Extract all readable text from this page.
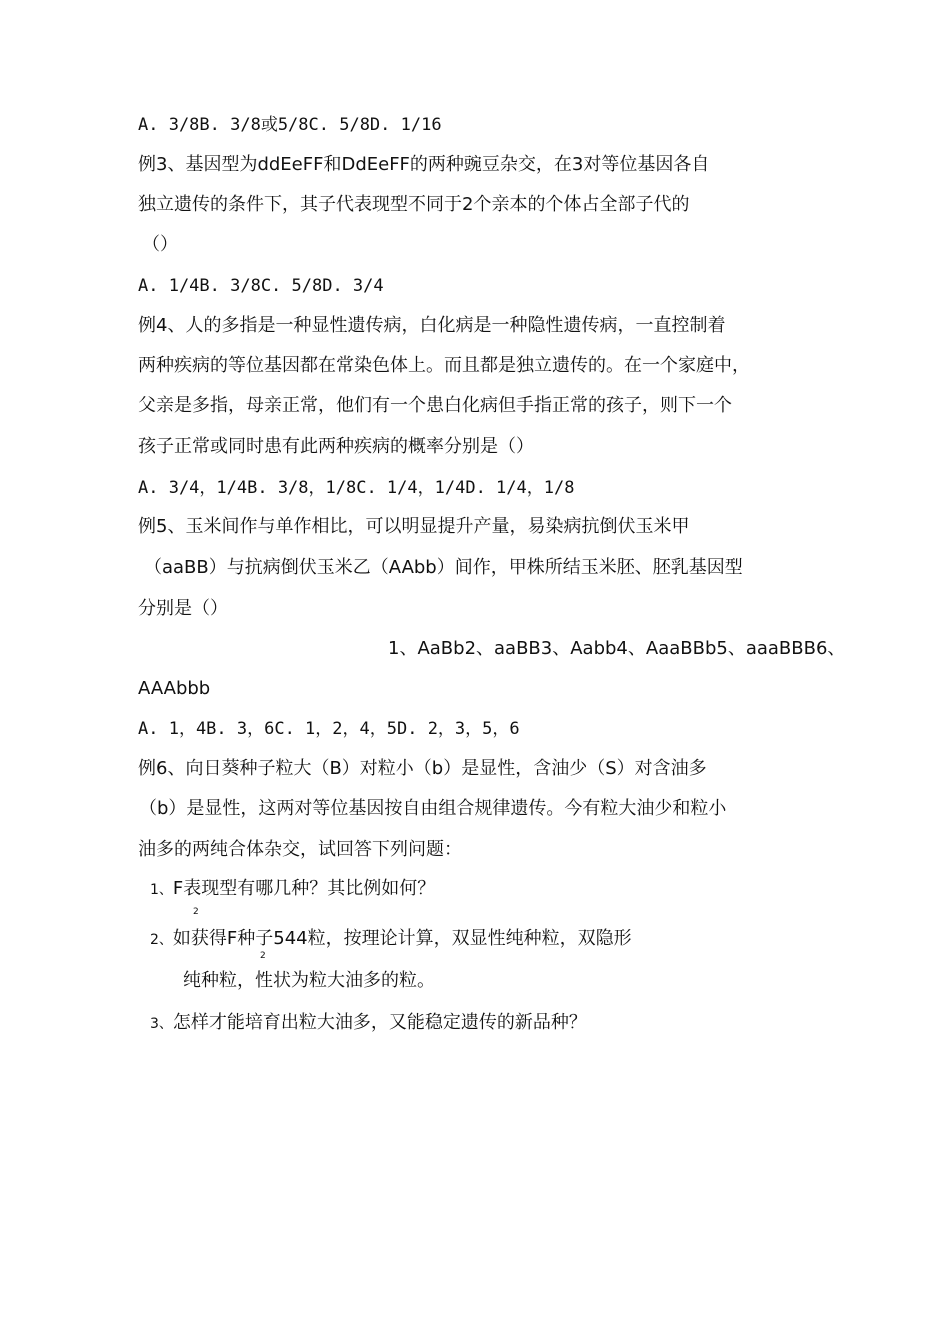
A. 3/8B. 3/8或5/8C. 5/8D. 1/16
例3、基因型为ddEeFF和DdEeFF的两种豌豆杂交，在3对等位基因各自
独立遗传的条件下，其子代表现型不同于2个亲本的个体占全部子代的
（）
A. 1/4B. 3/8C. 5/8D. 3/4
例4、人的多指是一种显性遗传病，白化病是一种隐性遗传病，一直控制着
两种疾病的等位基因都在常染色体上。而且都是独立遗传的。在一个家庭中，
父亲是多指，母亲正常，他们有一个患白化病但手指正常的孩子，则下一个
孩子正常或同时患有此两种疾病的概率分别是（）
A. 3/4，1/4B. 3/8，1/8C. 1/4，1/4D. 1/4，1/8
例5、玉米间作与单作相比，可以明显提升产量，易染病抗倒伏玉米甲
（aaBB）与抗病倒伏玉米乙（AAbb）间作，甲株所结玉米胚、胚乳基因型
分别是（）
1、AaBb2、aaBB3、Aabb4、AaaBBb5、aaaBBB6、
AAAbbb
A. 1，4B. 3，6C. 1，2，4，5D. 2，3，5，6
例6、向日葵种子粒大（B）对粒小（b）是显性，含油少（S）对含油多
（b）是显性，这两对等位基因按自由组合规律遗传。今有粒大油少和粒小
油多的两纯合体杂交，试回答下列问题：
1、F表现型有哪几种？其比例如何？
2
2、如获得F种子544粒，按理论计算，双显性纯种粒，双隐形
2
纯种粒，性状为粒大油多的粒。
3、怎样才能培育出粒大油多，又能稳定遗传的新品种？
